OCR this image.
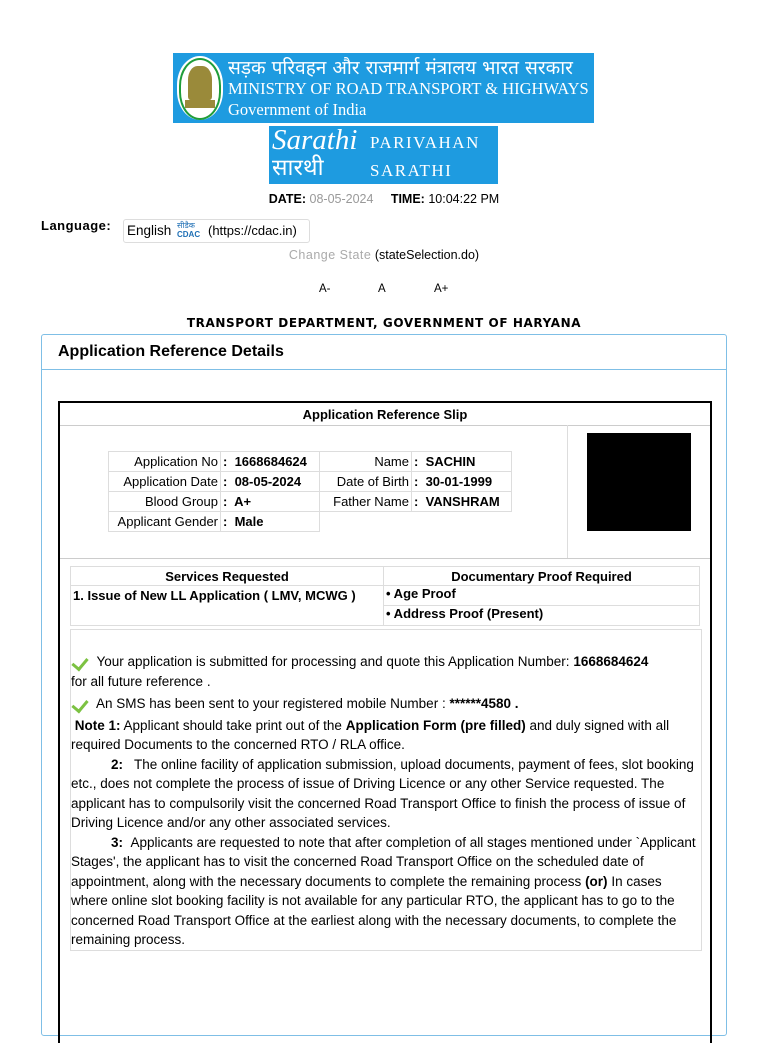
सड़क परिवहन और राजमार्ग मंत्रालय भारत सरकार
MINISTRY OF ROAD TRANSPORT & HIGHWAYS
Government of India
Sarathi
सारथी
PARIVAHAN
SARATHI
DATE: 08-05-2024 TIME: 10:04:22 PM
Language: English सीडैक
CDAC (https://cdac.in)
Change State (stateSelection.do)
A-	A	A+
TRANSPORT DEPARTMENT, GOVERNMENT OF HARYANA
Application Reference Details
Application Reference Slip
Application No	: 1668684624	Name	: SACHIN
Application Date	: 08-05-2024	Date of Birth	: 30-01-1999
Blood Group	: A+	Father Name	: VANSHRAM
Applicant Gender	: Male		
Services Requested	Documentary Proof Required
1. Issue of New LL Application ( LMV, MCWG )	• Age Proof
	• Address Proof (Present)
Your application is submitted for processing and quote this Application Number: 1668684624
for all future reference .
An SMS has been sent to your registered mobile Number : ******4580 .
Note 1: Applicant should take print out of the Application Form (pre filled) and duly signed with all required Documents to the concerned RTO / RLA office.
2: The online facility of application submission, upload documents, payment of fees, slot booking etc., does not complete the process of issue of Driving Licence or any other Service requested. The applicant has to compulsorily visit the concerned Road Transport Office to finish the process of issue of Driving Licence and/or any other associated services.
3: Applicants are requested to note that after completion of all stages mentioned under `Applicant Stages', the applicant has to visit the concerned Road Transport Office on the scheduled date of appointment, along with the necessary documents to complete the remaining process (or) In cases where online slot booking facility is not available for any particular RTO, the applicant has to go to the concerned Road Transport Office at the earliest along with the necessary documents, to complete the remaining process.
